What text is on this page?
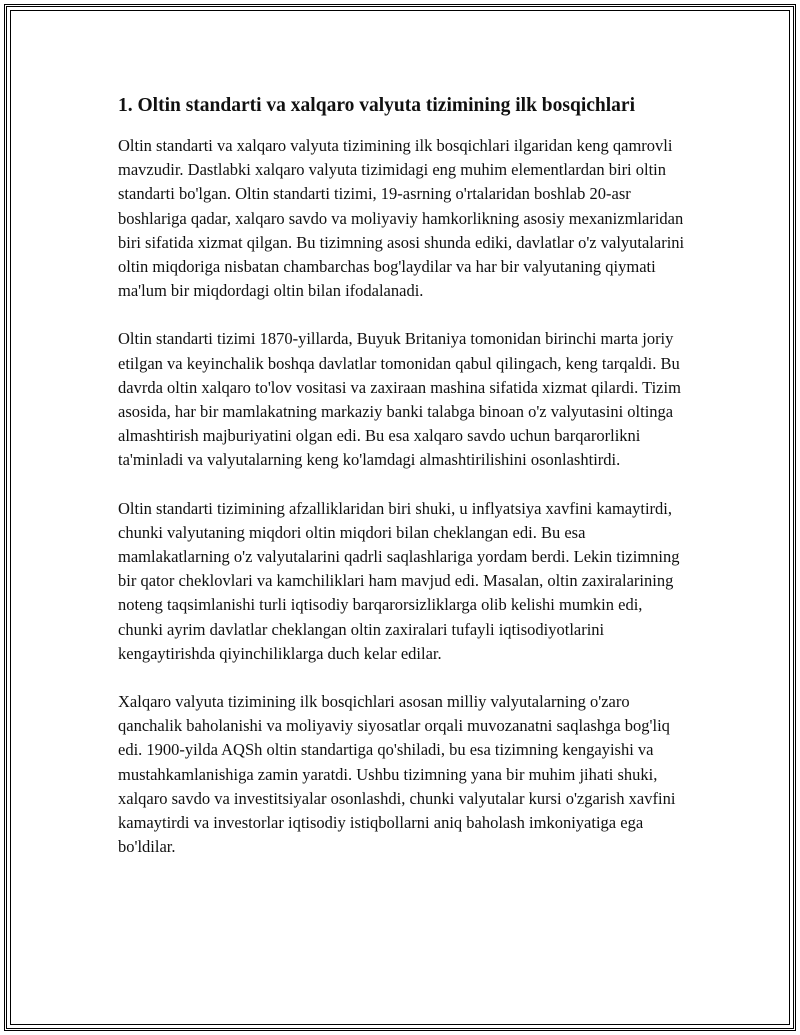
1. Oltin standarti va xalqaro valyuta tizimining ilk bosqichlari

Oltin standarti va xalqaro valyuta tizimining ilk bosqichlari ilgaridan keng qamrovli mavzudir. Dastlabki xalqaro valyuta tizimidagi eng muhim elementlardan biri oltin standarti bo'lgan. Oltin standarti tizimi, 19-asrning o'rtalaridan boshlab 20-asr boshlariga qadar, xalqaro savdo va moliyaviy hamkorlikning asosiy mexanizmlaridan biri sifatida xizmat qilgan. Bu tizimning asosi shunda ediki, davlatlar o'z valyutalarini oltin miqdoriga nisbatan chambarchas bog'laydilar va har bir valyutaning qiymati ma'lum bir miqdordagi oltin bilan ifodalanadi.

Oltin standarti tizimi 1870-yillarda, Buyuk Britaniya tomonidan birinchi marta joriy etilgan va keyinchalik boshqa davlatlar tomonidan qabul qilingach, keng tarqaldi. Bu davrda oltin xalqaro to'lov vositasi va zaxiraan mashina sifatida xizmat qilardi. Tizim asosida, har bir mamlakatning markaziy banki talabga binoan o'z valyutasini oltinga almashtirish majburiyatini olgan edi. Bu esa xalqaro savdo uchun barqarorlikni ta'minladi va valyutalarning keng ko'lamdagi almashtirilishini osonlashtirdi.

Oltin standarti tizimining afzalliklaridan biri shuki, u inflyatsiya xavfini kamaytirdi, chunki valyutaning miqdori oltin miqdori bilan cheklangan edi. Bu esa mamlakatlarning o'z valyutalarini qadrli saqlashlariga yordam berdi. Lekin tizimning bir qator cheklovlari va kamchiliklari ham mavjud edi. Masalan, oltin zaxiralarining noteng taqsimlanishi turli iqtisodiy barqarorsizliklarga olib kelishi mumkin edi, chunki ayrim davlatlar cheklangan oltin zaxiralari tufayli iqtisodiyotlarini kengaytirishda qiyinchiliklarga duch kelar edilar.

Xalqaro valyuta tizimining ilk bosqichlari asosan milliy valyutalarning o'zaro qanchalik baholanishi va moliyaviy siyosatlar orqali muvozanatni saqlashga bog'liq edi. 1900-yilda AQSh oltin standartiga qo'shiladi, bu esa tizimning kengayishi va mustahkamlanishiga zamin yaratdi. Ushbu tizimning yana bir muhim jihati shuki, xalqaro savdo va investitsiyalar osonlashdi, chunki valyutalar kursi o'zgarish xavfini kamaytirdi va investorlar iqtisodiy istiqbollarni aniq baholash imkoniyatiga ega bo'ldilar.
